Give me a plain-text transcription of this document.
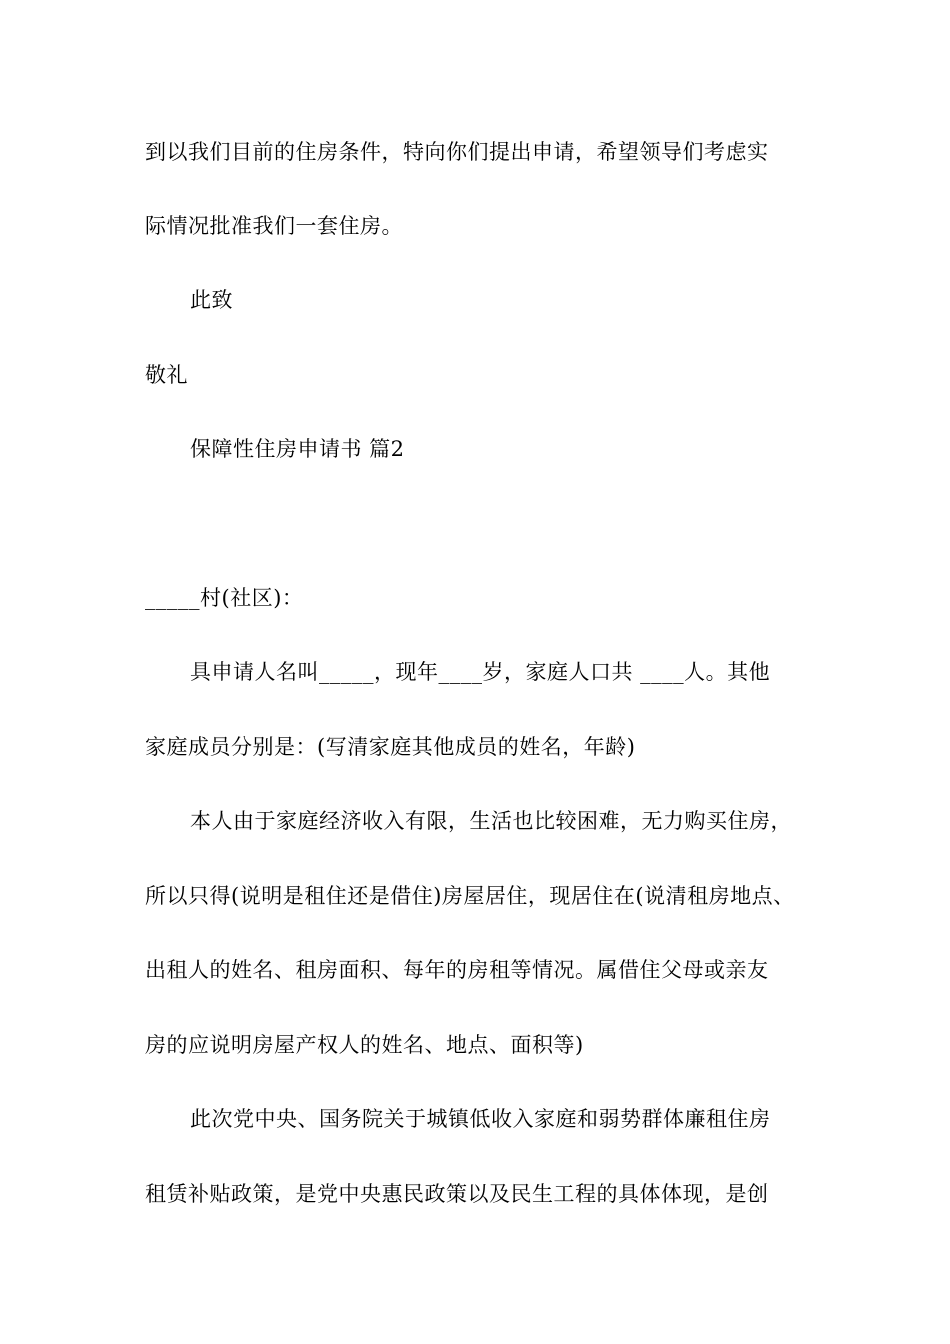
到以我们目前的住房条件，特向你们提出申请，希望领导们考虑实
际情况批准我们一套住房。
此致
敬礼
保障性住房申请书 篇2
_____村(社区)：
具申请人名叫_____，现年____岁，家庭人口共 ____人。其他
家庭成员分别是：(写清家庭其他成员的姓名，年龄)
本人由于家庭经济收入有限，生活也比较困难，无力购买住房，
所以只得(说明是租住还是借住)房屋居住，现居住在(说清租房地点、
出租人的姓名、租房面积、每年的房租等情况。属借住父母或亲友
房的应说明房屋产权人的姓名、地点、面积等)
此次党中央、国务院关于城镇低收入家庭和弱势群体廉租住房
租赁补贴政策，是党中央惠民政策以及民生工程的具体体现，是创
